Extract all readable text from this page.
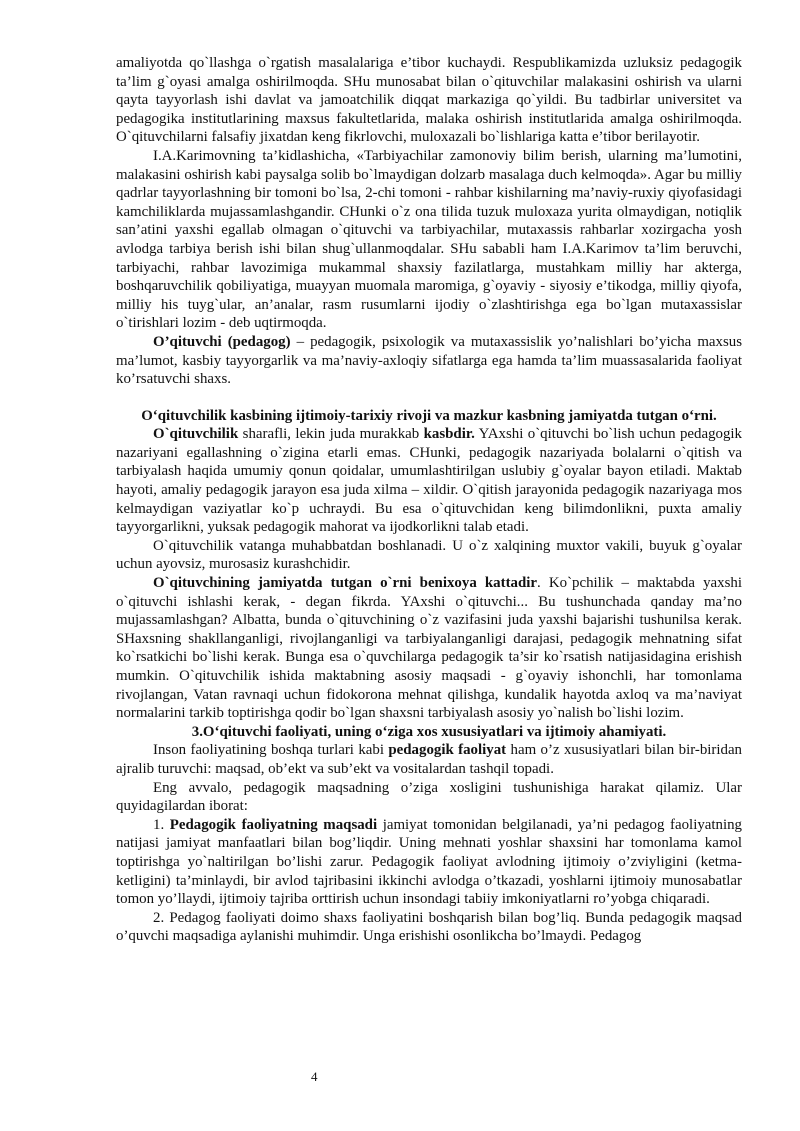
amaliyotda qo`llashga o`rgatish masalalariga e’tibor kuchaydi. Respublikamizda uzluksiz pedagogik ta’lim g`oyasi amalga oshirilmoqda. SHu munosabat bilan o`qituvchilar malakasini oshirish va ularni qayta tayyorlash ishi davlat va jamoatchilik diqqat markaziga qo`yildi. Bu tadbirlar universitet va pedagogika institutlarining maxsus fakultetlarida, malaka oshirish institutlarida amalga oshirilmoqda. O`qituvchilarni falsafiy jixatdan keng fikrlovchi, muloxazali bo`lishlariga katta e’tibor berilayotir.

I.A.Karimovning ta’kidlashicha, «Tarbiyachilar zamonoviy bilim berish, ularning ma’lumotini, malakasini oshirish kabi paysalga solib bo`lmaydigan dolzarb masalaga duch kelmoqda». Agar bu milliy qadrlar tayyorlashning bir tomoni bo`lsa, 2-chi tomoni - rahbar kishilarning ma’naviy-ruxiy qiyofasidagi kamchiliklarda mujassamlashgandir. CHunki o`z ona tilida tuzuk muloxaza yurita olmaydigan, notiqlik san’atini yaxshi egallab olmagan o`qituvchi va tarbiyachilar, mutaxassis rahbarlar xozirgacha yosh avlodga tarbiya berish ishi bilan shug`ullanmoqdalar. SHu sababli ham I.A.Karimov ta’lim beruvchi, tarbiyachi, rahbar lavozimiga mukammal shaxsiy fazilatlarga, mustahkam milliy har akterga, boshqaruvchilik qobiliyatiga, muayyan muomala maromiga, g`oyaviy - siyosiy e’tikodga, milliy qiyofa, milliy his tuyg`ular, an’analar, rasm rusumlarni ijodiy o`zlashtirishga ega bo`lgan mutaxassislar o`tirishlari lozim - deb uqtirmoqda.

O’qituvchi (pedagog) – pedagogik, psixologik va mutaxassislik yo’nalishlari bo’yicha maxsus ma’lumot, kasbiy tayyorgarlik va ma’naviy-axloqiy sifatlarga ega hamda ta’lim muassasalarida faoliyat ko’rsatuvchi shaxs.

O‘qituvchilik kasbining ijtimoiy-tarixiy rivoji va mazkur kasbning jamiyatda tutgan o‘rni.

O`qituvchilik sharafli, lekin juda murakkab kasbdir. YAxshi o`qituvchi bo`lish uchun pedagogik nazariyani egallashning o`zigina etarli emas. CHunki, pedagogik nazariyada bolalarni o`qitish va tarbiyalash haqida umumiy qonun qoidalar, umumlashtirilgan uslubiy g`oyalar bayon etiladi. Maktab hayoti, amaliy pedagogik jarayon esa juda xilma – xildir. O`qitish jarayonida pedagogik nazariyaga mos kelmaydigan vaziyatlar ko`p uchraydi. Bu esa o`qituvchidan keng bilimdonlikni, puxta amaliy tayyorgarlikni, yuksak pedagogik mahorat va ijodkorlikni talab etadi.

O`qituvchilik vatanga muhabbatdan boshlanadi. U o`z xalqining muxtor vakili, buyuk g`oyalar uchun ayovsiz, murosasiz kurashchidir.

O`qituvchining jamiyatda tutgan o`rni benixoya kattadir. Ko`pchilik – maktabda yaxshi o`qituvchi ishlashi kerak, - degan fikrda. YAxshi o`qituvchi... Bu tushunchada qanday ma’no mujassamlashgan? Albatta, bunda o`qituvchining o`z vazifasini juda yaxshi bajarishi tushunilsa kerak. SHaxsning shakllanganligi, rivojlanganligi va tarbiyalanganligi darajasi, pedagogik mehnatning sifat ko`rsatkichi bo`lishi kerak. Bunga esa o`quvchilarga pedagogik ta’sir ko`rsatish natijasidagina erishish mumkin. O`qituvchilik ishida maktabning asosiy maqsadi - g`oyaviy ishonchli, har tomonlama rivojlangan, Vatan ravnaqi uchun fidokorona mehnat qilishga, kundalik hayotda axloq va ma’naviyat normalarini tarkib toptirishga qodir bo`lgan shaxsni tarbiyalash asosiy yo`nalish bo`lishi lozim.

3.O‘qituvchi faoliyati, uning o‘ziga xos xususiyatlari va ijtimoiy ahamiyati.

Inson faoliyatining boshqa turlari kabi pedagogik faoliyat ham o’z xususiyatlari bilan bir-biridan ajralib turuvchi: maqsad, ob’ekt va sub’ekt va vositalardan tashqil topadi.

Eng avvalo, pedagogik maqsadning o’ziga xosligini tushunishiga harakat qilamiz. Ular quyidagilardan iborat:

1. Pedagogik faoliyatning maqsadi jamiyat tomonidan belgilanadi, ya’ni pedagog faoliyatning natijasi jamiyat manfaatlari bilan bog’liqdir. Uning mehnati yoshlar shaxsini har tomonlama kamol toptirishga yo`naltirilgan bo’lishi zarur. Pedagogik faoliyat avlodning ijtimoiy o’zviyligini (ketma-ketligini) ta’minlaydi, bir avlod tajribasini ikkinchi avlodga o’tkazadi, yoshlarni ijtimoiy munosabatlar tomon yo’llaydi, ijtimoiy tajriba orttirish uchun insondagi tabiiy imkoniyatlarni ro’yobga chiqaradi.

2. Pedagog faoliyati doimo shaxs faoliyatini boshqarish bilan bog’liq. Bunda pedagogik maqsad o’quvchi maqsadiga aylanishi muhimdir. Unga erishishi osonlikcha bo’lmaydi. Pedagog

4
